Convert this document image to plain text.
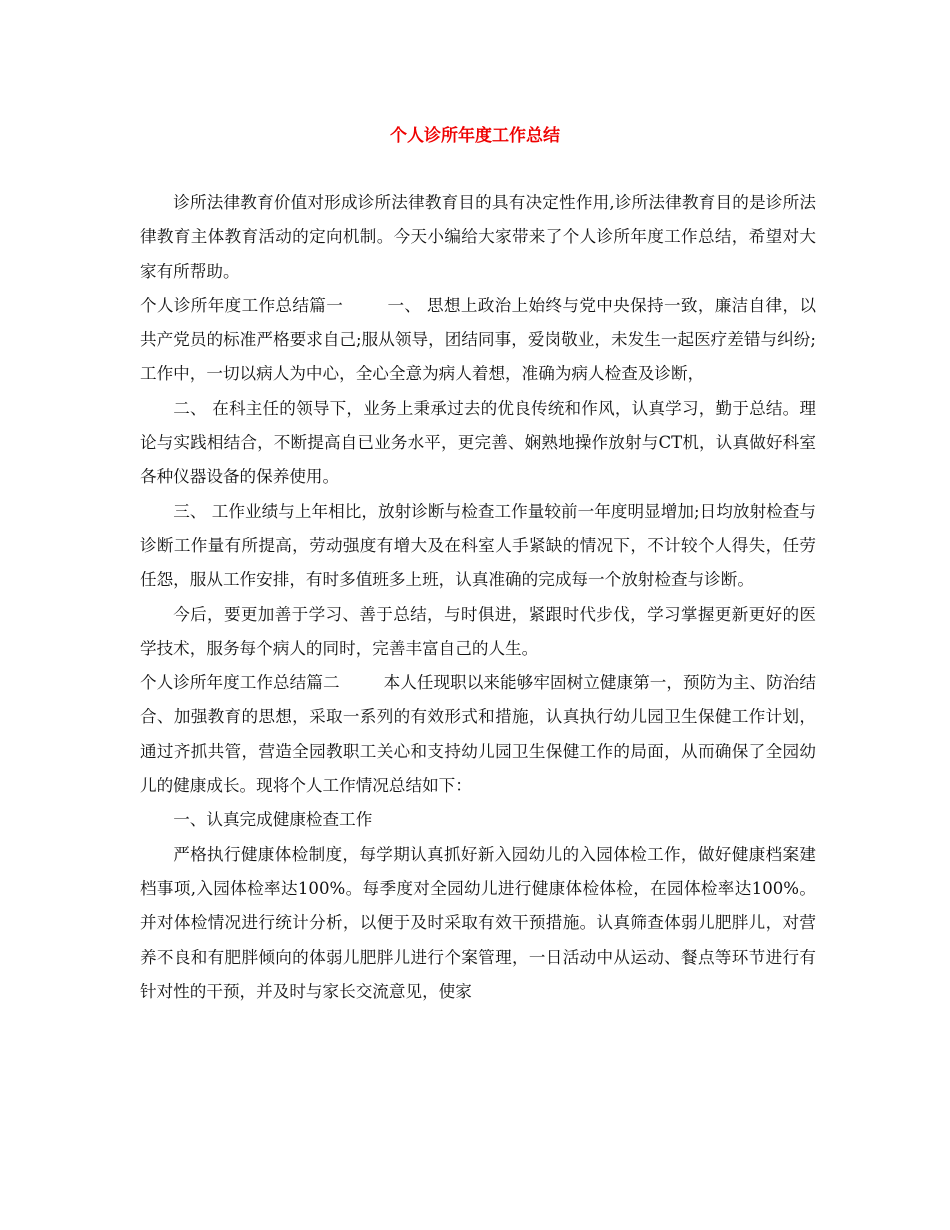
个人诊所年度工作总结

诊所法律教育价值对形成诊所法律教育目的具有决定性作用,诊所法律教育目的是诊所法律教育主体教育活动的定向机制。今天小编给大家带来了个人诊所年度工作总结，希望对大家有所帮助。

个人诊所年度工作总结篇一	一、 思想上政治上始终与党中央保持一致，廉洁自律，以共产党员的标准严格要求自己;服从领导，团结同事，爱岗敬业，未发生一起医疗差错与纠纷;工作中，一切以病人为中心，全心全意为病人着想，准确为病人检查及诊断，

二、 在科主任的领导下，业务上秉承过去的优良传统和作风，认真学习，勤于总结。理论与实践相结合，不断提高自已业务水平，更完善、娴熟地操作放射与CT机，认真做好科室各种仪器设备的保养使用。

三、 工作业绩与上年相比，放射诊断与检查工作量较前一年度明显增加;日均放射检查与诊断工作量有所提高，劳动强度有增大及在科室人手紧缺的情况下，不计较个人得失，任劳任怨，服从工作安排，有时多值班多上班，认真准确的完成每一个放射检查与诊断。

今后，要更加善于学习、善于总结，与时俱进，紧跟时代步伐，学习掌握更新更好的医学技术，服务每个病人的同时，完善丰富自己的人生。

个人诊所年度工作总结篇二	本人任现职以来能够牢固树立健康第一，预防为主、防治结合、加强教育的思想，采取一系列的有效形式和措施，认真执行幼儿园卫生保健工作计划，通过齐抓共管，营造全园教职工关心和支持幼儿园卫生保健工作的局面，从而确保了全园幼儿的健康成长。现将个人工作情况总结如下：

一、认真完成健康检查工作

严格执行健康体检制度，每学期认真抓好新入园幼儿的入园体检工作，做好健康档案建档事项,入园体检率达100%。每季度对全园幼儿进行健康体检体检，在园体检率达100%。并对体检情况进行统计分析，以便于及时采取有效干预措施。认真筛查体弱儿肥胖儿，对营养不良和有肥胖倾向的体弱儿肥胖儿进行个案管理，一日活动中从运动、餐点等环节进行有针对性的干预，并及时与家长交流意见，使家
